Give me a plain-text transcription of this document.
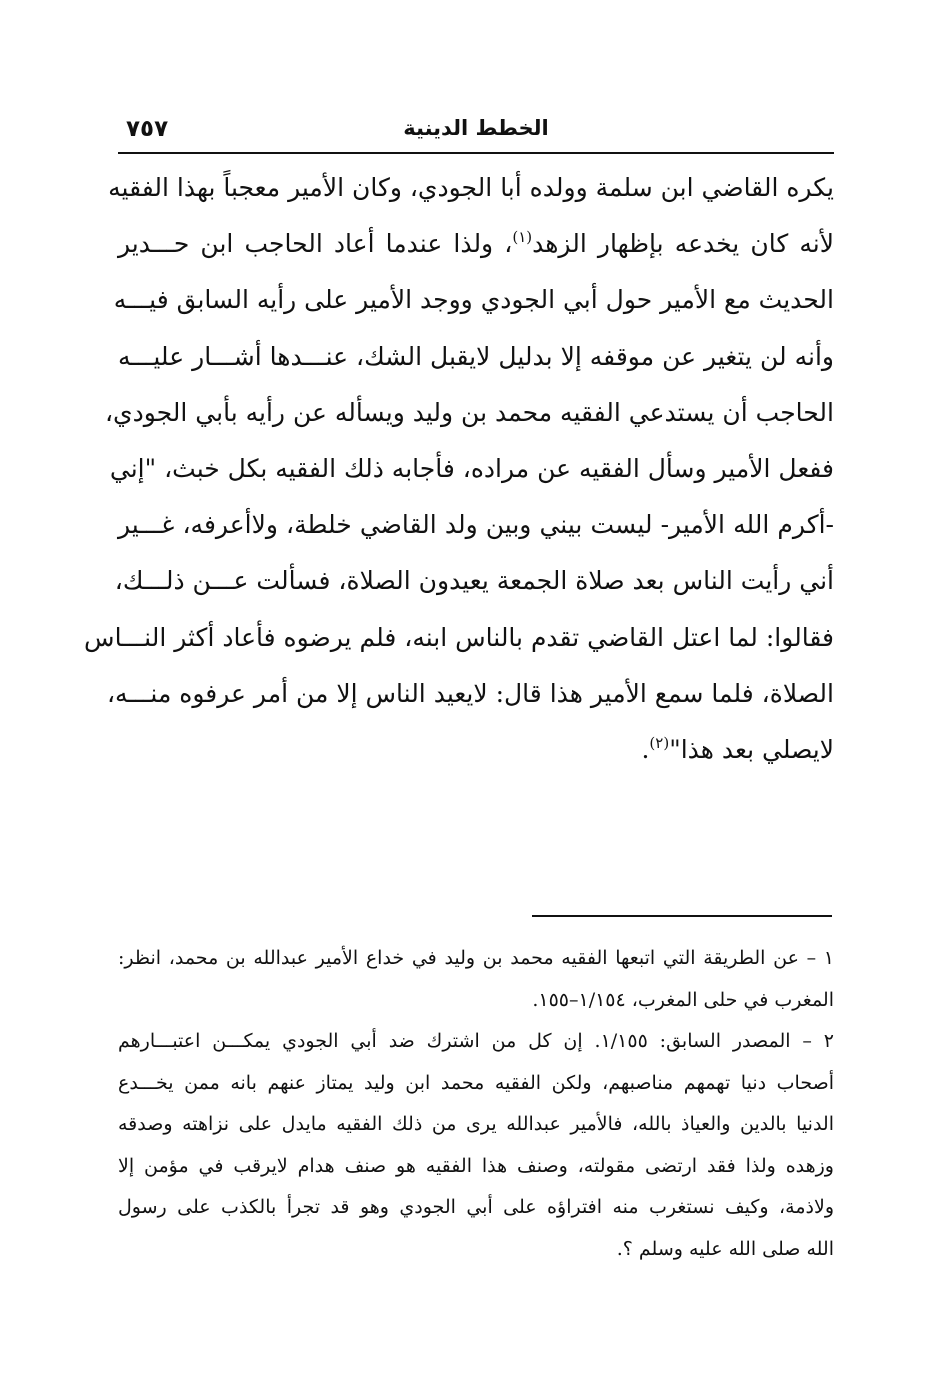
٧٥٧	الخطط الدينية
يكره القاضي ابن سلمة وولده أبا الجودي، وكان الأمير معجباً بهذا الفقيه
لأنه كان يخدعه بإظهار الزهد$^{(١)}$، ولذا عندما أعاد الحاجب ابن حـــدير
الحديث مع الأمير حول أبي الجودي ووجد الأمير على رأيه السابق فيـــه
وأنه لن يتغير عن موقفه إلا بدليل لايقبل الشك، عنـــدها أشـــار عليـــه
الحاجب أن يستدعي الفقيه محمد بن وليد ويسأله عن رأيه بأبي الجودي،
ففعل الأمير وسأل الفقيه عن مراده، فأجابه ذلك الفقيه بكل خبث، "إني
-أكرم الله الأمير- ليست بيني وبين ولد القاضي خلطة، ولاأعرفه، غـــير
أني رأيت الناس بعد صلاة الجمعة يعيدون الصلاة، فسألت عـــن ذلـــك،
فقالوا: لما اعتل القاضي تقدم بالناس ابنه، فلم يرضوه فأعاد أكثر النـــاس
الصلاة، فلما سمع الأمير هذا قال: لايعيد الناس إلا من أمر عرفوه منـــه،
لايصلي بعد هذا"$^{(٢)}$.
١ – عن الطريقة التي اتبعها الفقيه محمد بن وليد في خداع الأمير عبدالله بن محمد، انظر:
المغرب في حلى المغرب، ١/١٥٤–١٥٥.
٢ – المصدر السابق: ١/١٥٥. إن كل من اشترك ضد أبي الجودي يمكـــن اعتبـــارهم
أصحاب دنيا تهمهم مناصبهم، ولكن الفقيه محمد ابن وليد يمتاز عنهم بانه ممن يخـــدع
الدنيا بالدين والعياذ بالله، فالأمير عبدالله يرى من ذلك الفقيه مايدل على نزاهته وصدقه
وزهده ولذا فقد ارتضى مقولته، وصنف هذا الفقيه هو صنف هدام لايرقب في مؤمن إلا
ولاذمة، وكيف نستغرب منه افتراؤه على أبي الجودي وهو قد تجرأ بالكذب على رسول
الله صلى الله عليه وسلم ؟.
